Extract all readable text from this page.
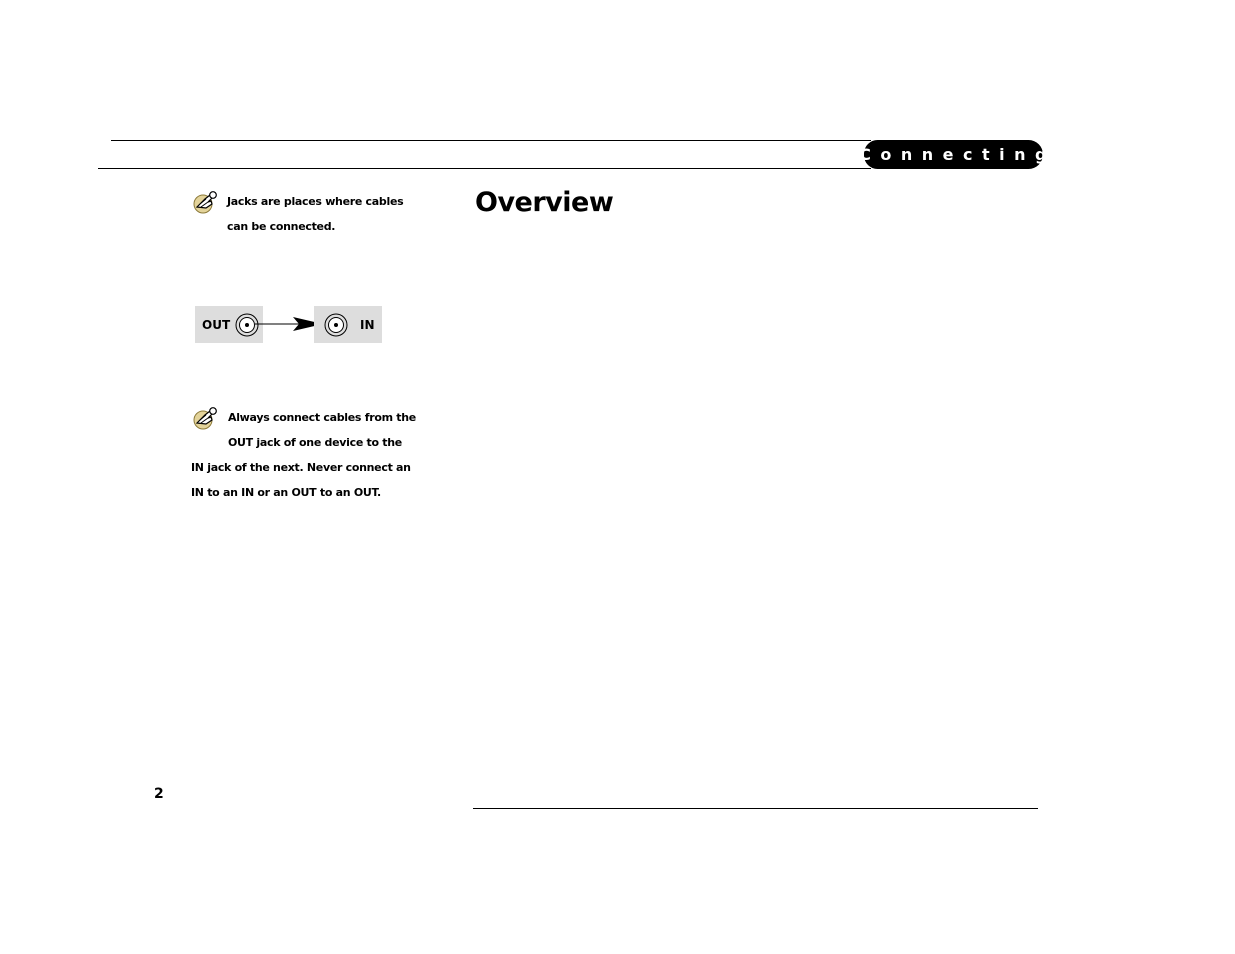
Connecting
Overview
Jacks are places where cables can be connected.
OUT	IN
Always connect cables from the OUT jack of one device to the IN jack of the next. Never connect an IN to an IN or an OUT to an OUT.
2
